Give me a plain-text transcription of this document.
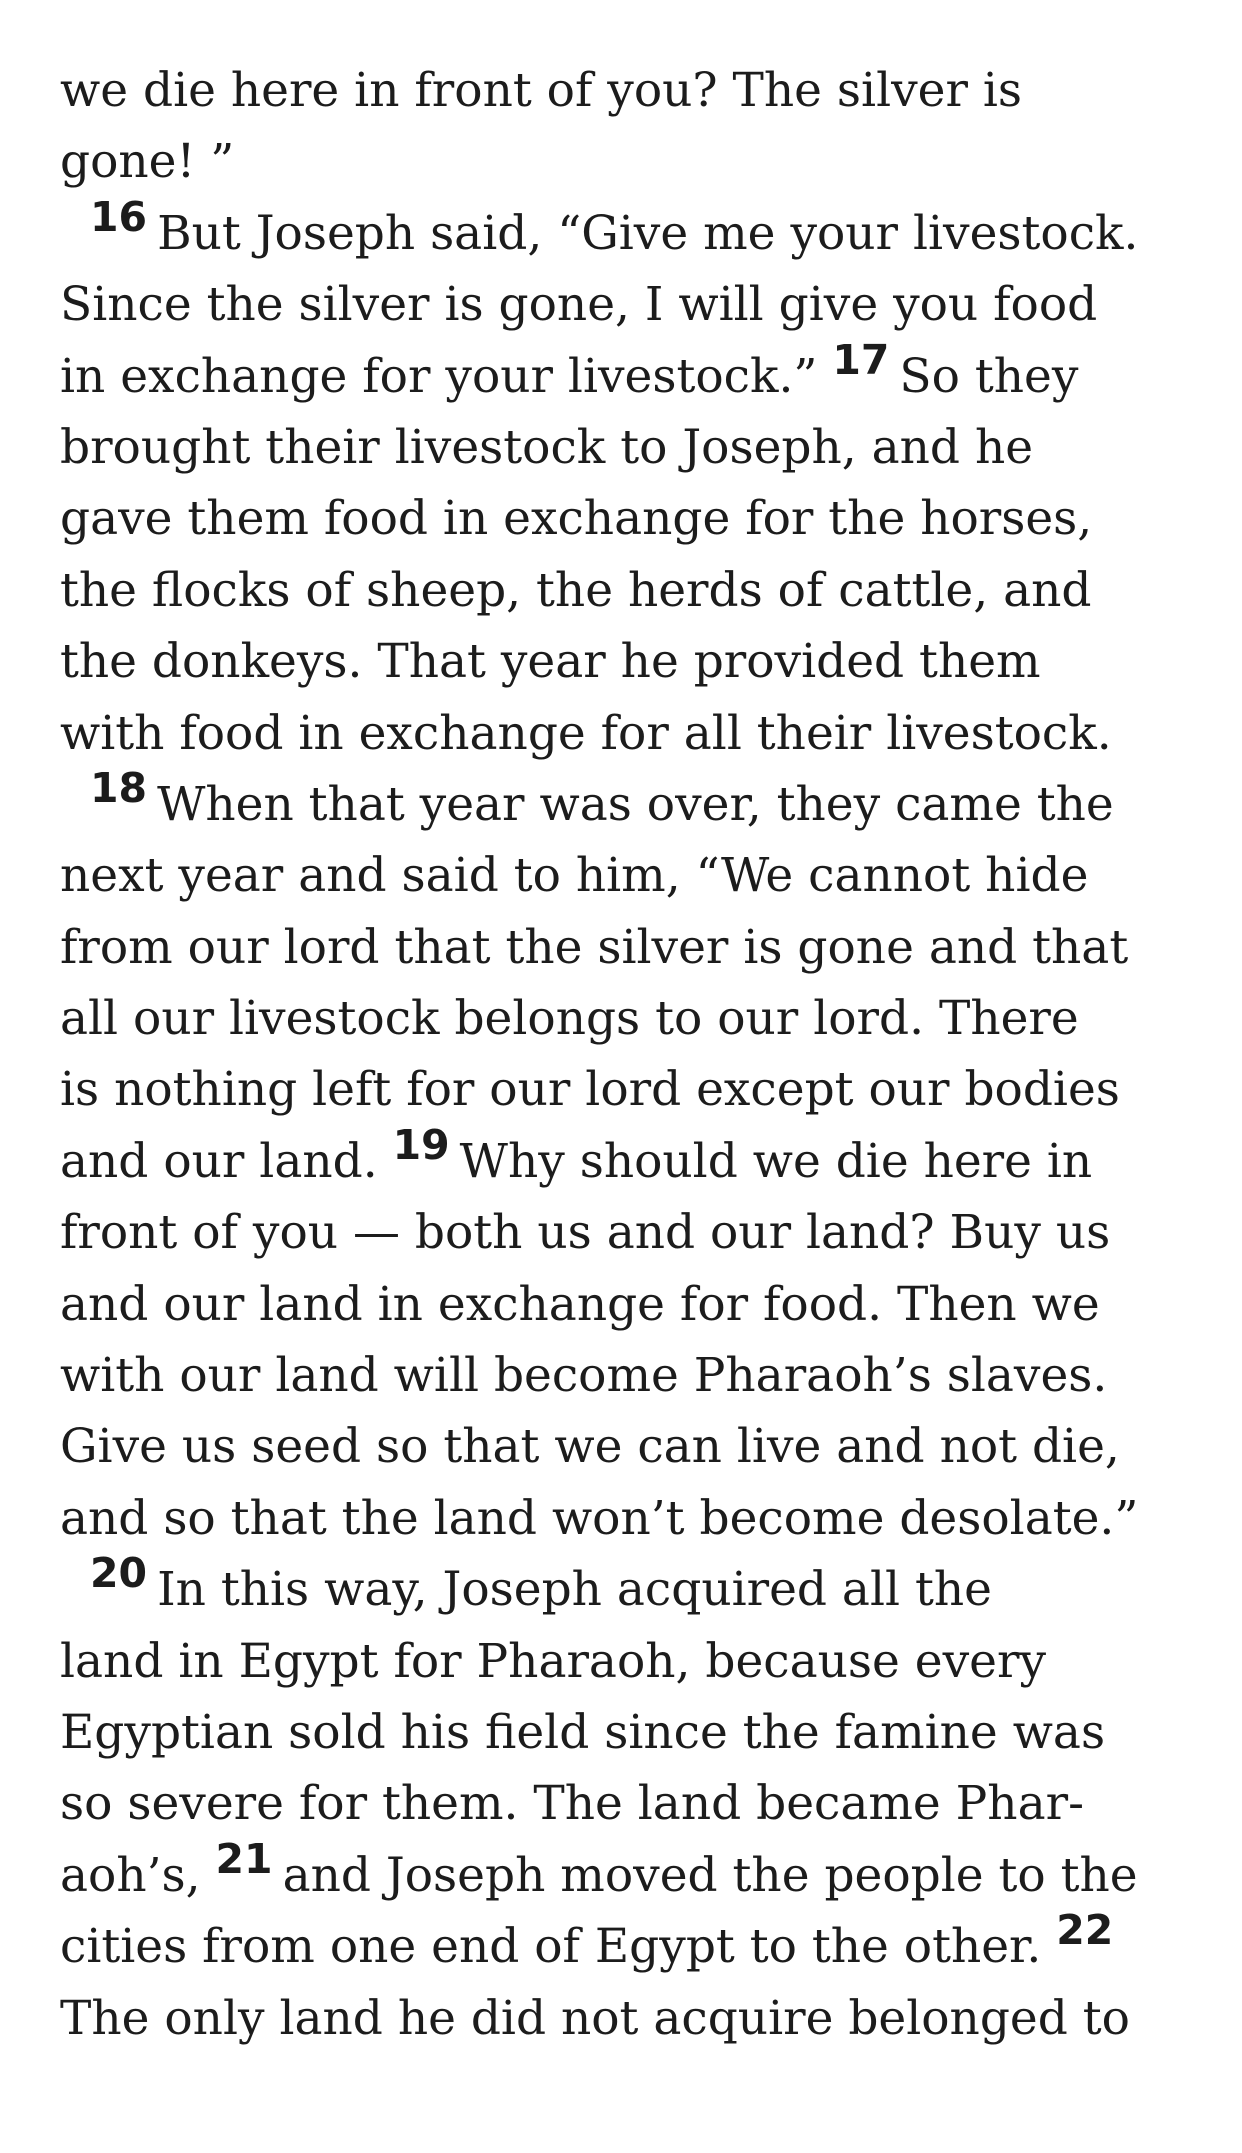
we die here in front of you? The silver is
gone! ”
16 But Joseph said, “Give me your livestock.
Since the silver is gone, I will give you food
in exchange for your livestock.” 17 So they
brought their livestock to Joseph, and he
gave them food in exchange for the horses,
the flocks of sheep, the herds of cattle, and
the donkeys. That year he provided them
with food in exchange for all their livestock.
18 When that year was over, they came the
next year and said to him, “We cannot hide
from our lord that the silver is gone and that
all our livestock belongs to our lord. There
is nothing left for our lord except our bodies
and our land. 19 Why should we die here in
front of you — both us and our land? Buy us
and our land in exchange for food. Then we
with our land will become Pharaoh’s slaves.
Give us seed so that we can live and not die,
and so that the land won’t become desolate.”
20 In this way, Joseph acquired all the
land in Egypt for Pharaoh, because every
Egyptian sold his field since the famine was
so severe for them. The land became Phar-
aoh’s, 21 and Joseph moved the people to the
cities from one end of Egypt to the other. 22
The only land he did not acquire belonged to
